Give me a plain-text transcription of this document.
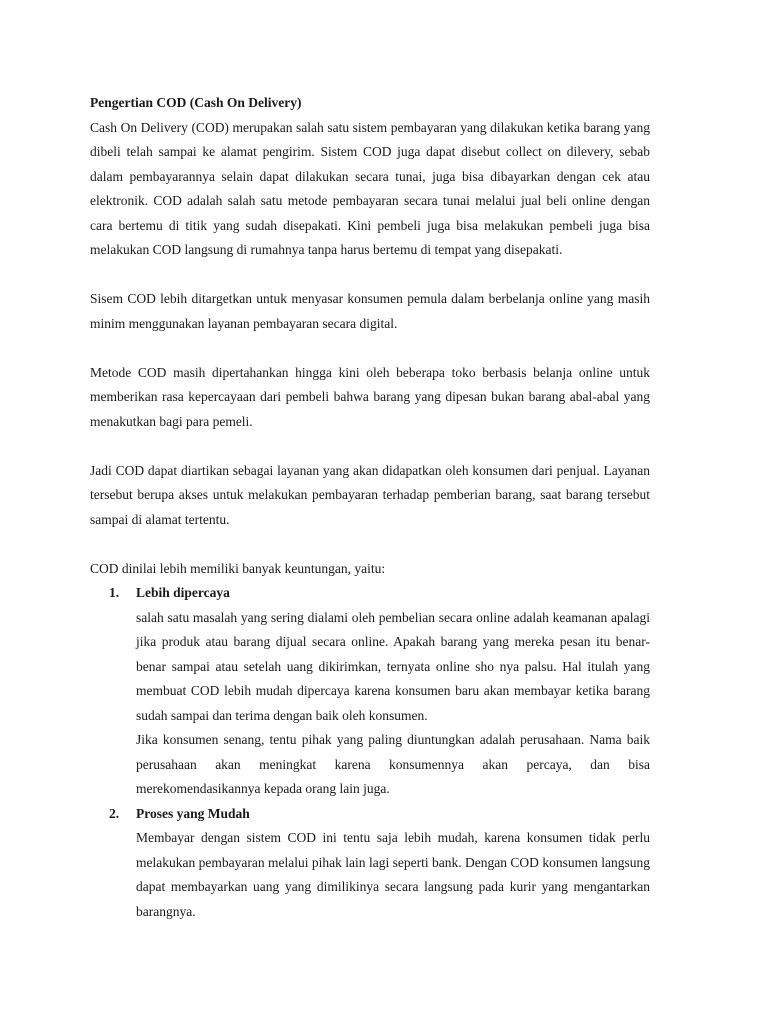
Pengertian COD (Cash On Delivery)

Cash On Delivery (COD) merupakan salah satu sistem pembayaran yang dilakukan ketika barang yang dibeli telah sampai ke alamat pengirim. Sistem COD juga dapat disebut collect on dilevery, sebab dalam pembayarannya selain dapat dilakukan secara tunai, juga bisa dibayarkan dengan cek atau elektronik. COD adalah salah satu metode pembayaran secara tunai melalui jual beli online dengan cara bertemu di titik yang sudah disepakati. Kini pembeli juga bisa melakukan pembeli juga bisa melakukan COD langsung di rumahnya tanpa harus bertemu di tempat yang disepakati.

Sisem COD lebih ditargetkan untuk menyasar konsumen pemula dalam berbelanja online yang masih minim menggunakan layanan pembayaran secara digital.

Metode COD masih dipertahankan hingga kini oleh beberapa toko berbasis belanja online untuk memberikan rasa kepercayaan dari pembeli bahwa barang yang dipesan bukan barang abal-abal yang menakutkan bagi para pemeli.

Jadi COD dapat diartikan sebagai layanan yang akan didapatkan oleh konsumen dari penjual. Layanan tersebut berupa akses untuk melakukan pembayaran terhadap pemberian barang, saat barang tersebut sampai di alamat tertentu.

COD dinilai lebih memiliki banyak keuntungan, yaitu:

1. Lebih dipercaya

salah satu masalah yang sering dialami oleh pembelian secara online adalah keamanan apalagi jika produk atau barang dijual secara online. Apakah barang yang mereka pesan itu benar-benar sampai atau setelah uang dikirimkan, ternyata online sho nya palsu. Hal itulah yang membuat COD lebih mudah dipercaya karena konsumen baru akan membayar ketika barang sudah sampai dan terima dengan baik oleh konsumen.

Jika konsumen senang, tentu pihak yang paling diuntungkan adalah perusahaan. Nama baik perusahaan akan meningkat karena konsumennya akan percaya, dan bisa merekomendasikannya kepada orang lain juga.

2. Proses yang Mudah

Membayar dengan sistem COD ini tentu saja lebih mudah, karena konsumen tidak perlu melakukan pembayaran melalui pihak lain lagi seperti bank. Dengan COD konsumen langsung dapat membayarkan uang yang dimilikinya secara langsung pada kurir yang mengantarkan barangnya.
